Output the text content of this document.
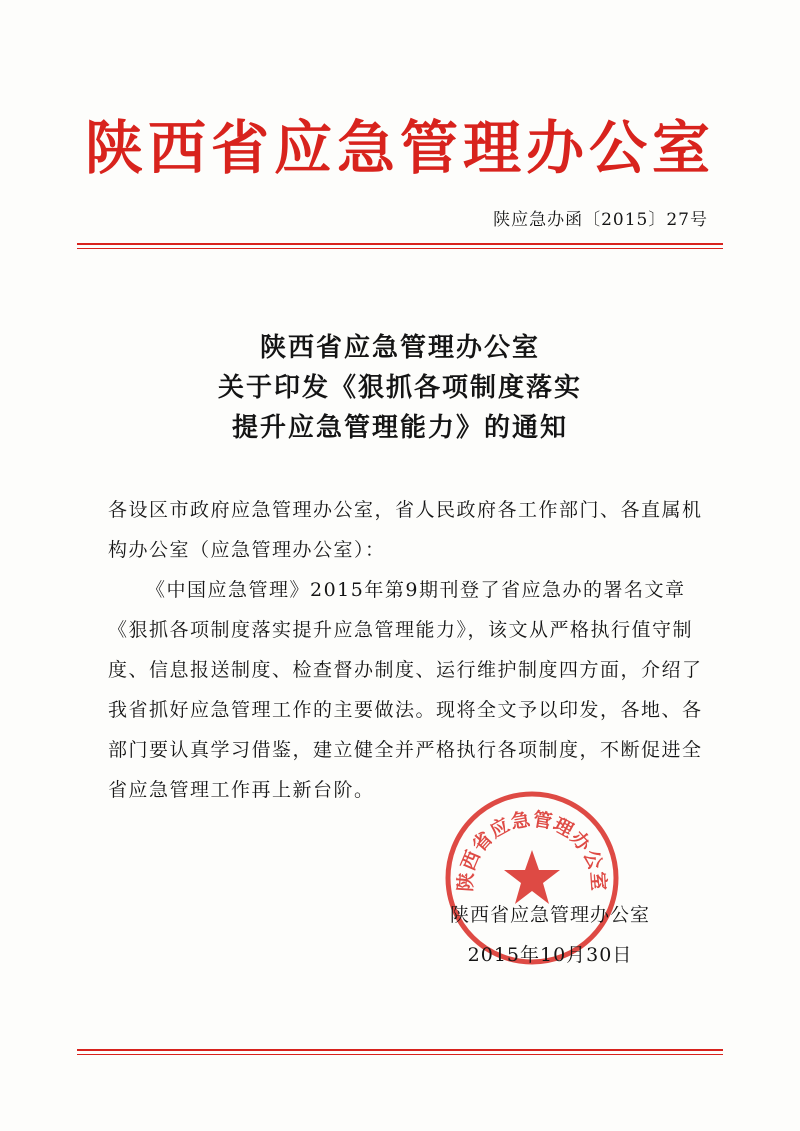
陕西省应急管理办公室
陕应急办函〔2015〕27号
陕西省应急管理办公室
关于印发《狠抓各项制度落实
提升应急管理能力》的通知

各设区市政府应急管理办公室，省人民政府各工作部门、各直属机构办公室（应急管理办公室）：

《中国应急管理》2015年第9期刊登了省应急办的署名文章《狠抓各项制度落实提升应急管理能力》，该文从严格执行值守制度、信息报送制度、检查督办制度、运行维护制度四方面，介绍了我省抓好应急管理工作的主要做法。现将全文予以印发，各地、各部门要认真学习借鉴，建立健全并严格执行各项制度，不断促进全省应急管理工作再上新台阶。

陕西省应急管理办公室
陕西省应急管理办公室
2015年10月30日
